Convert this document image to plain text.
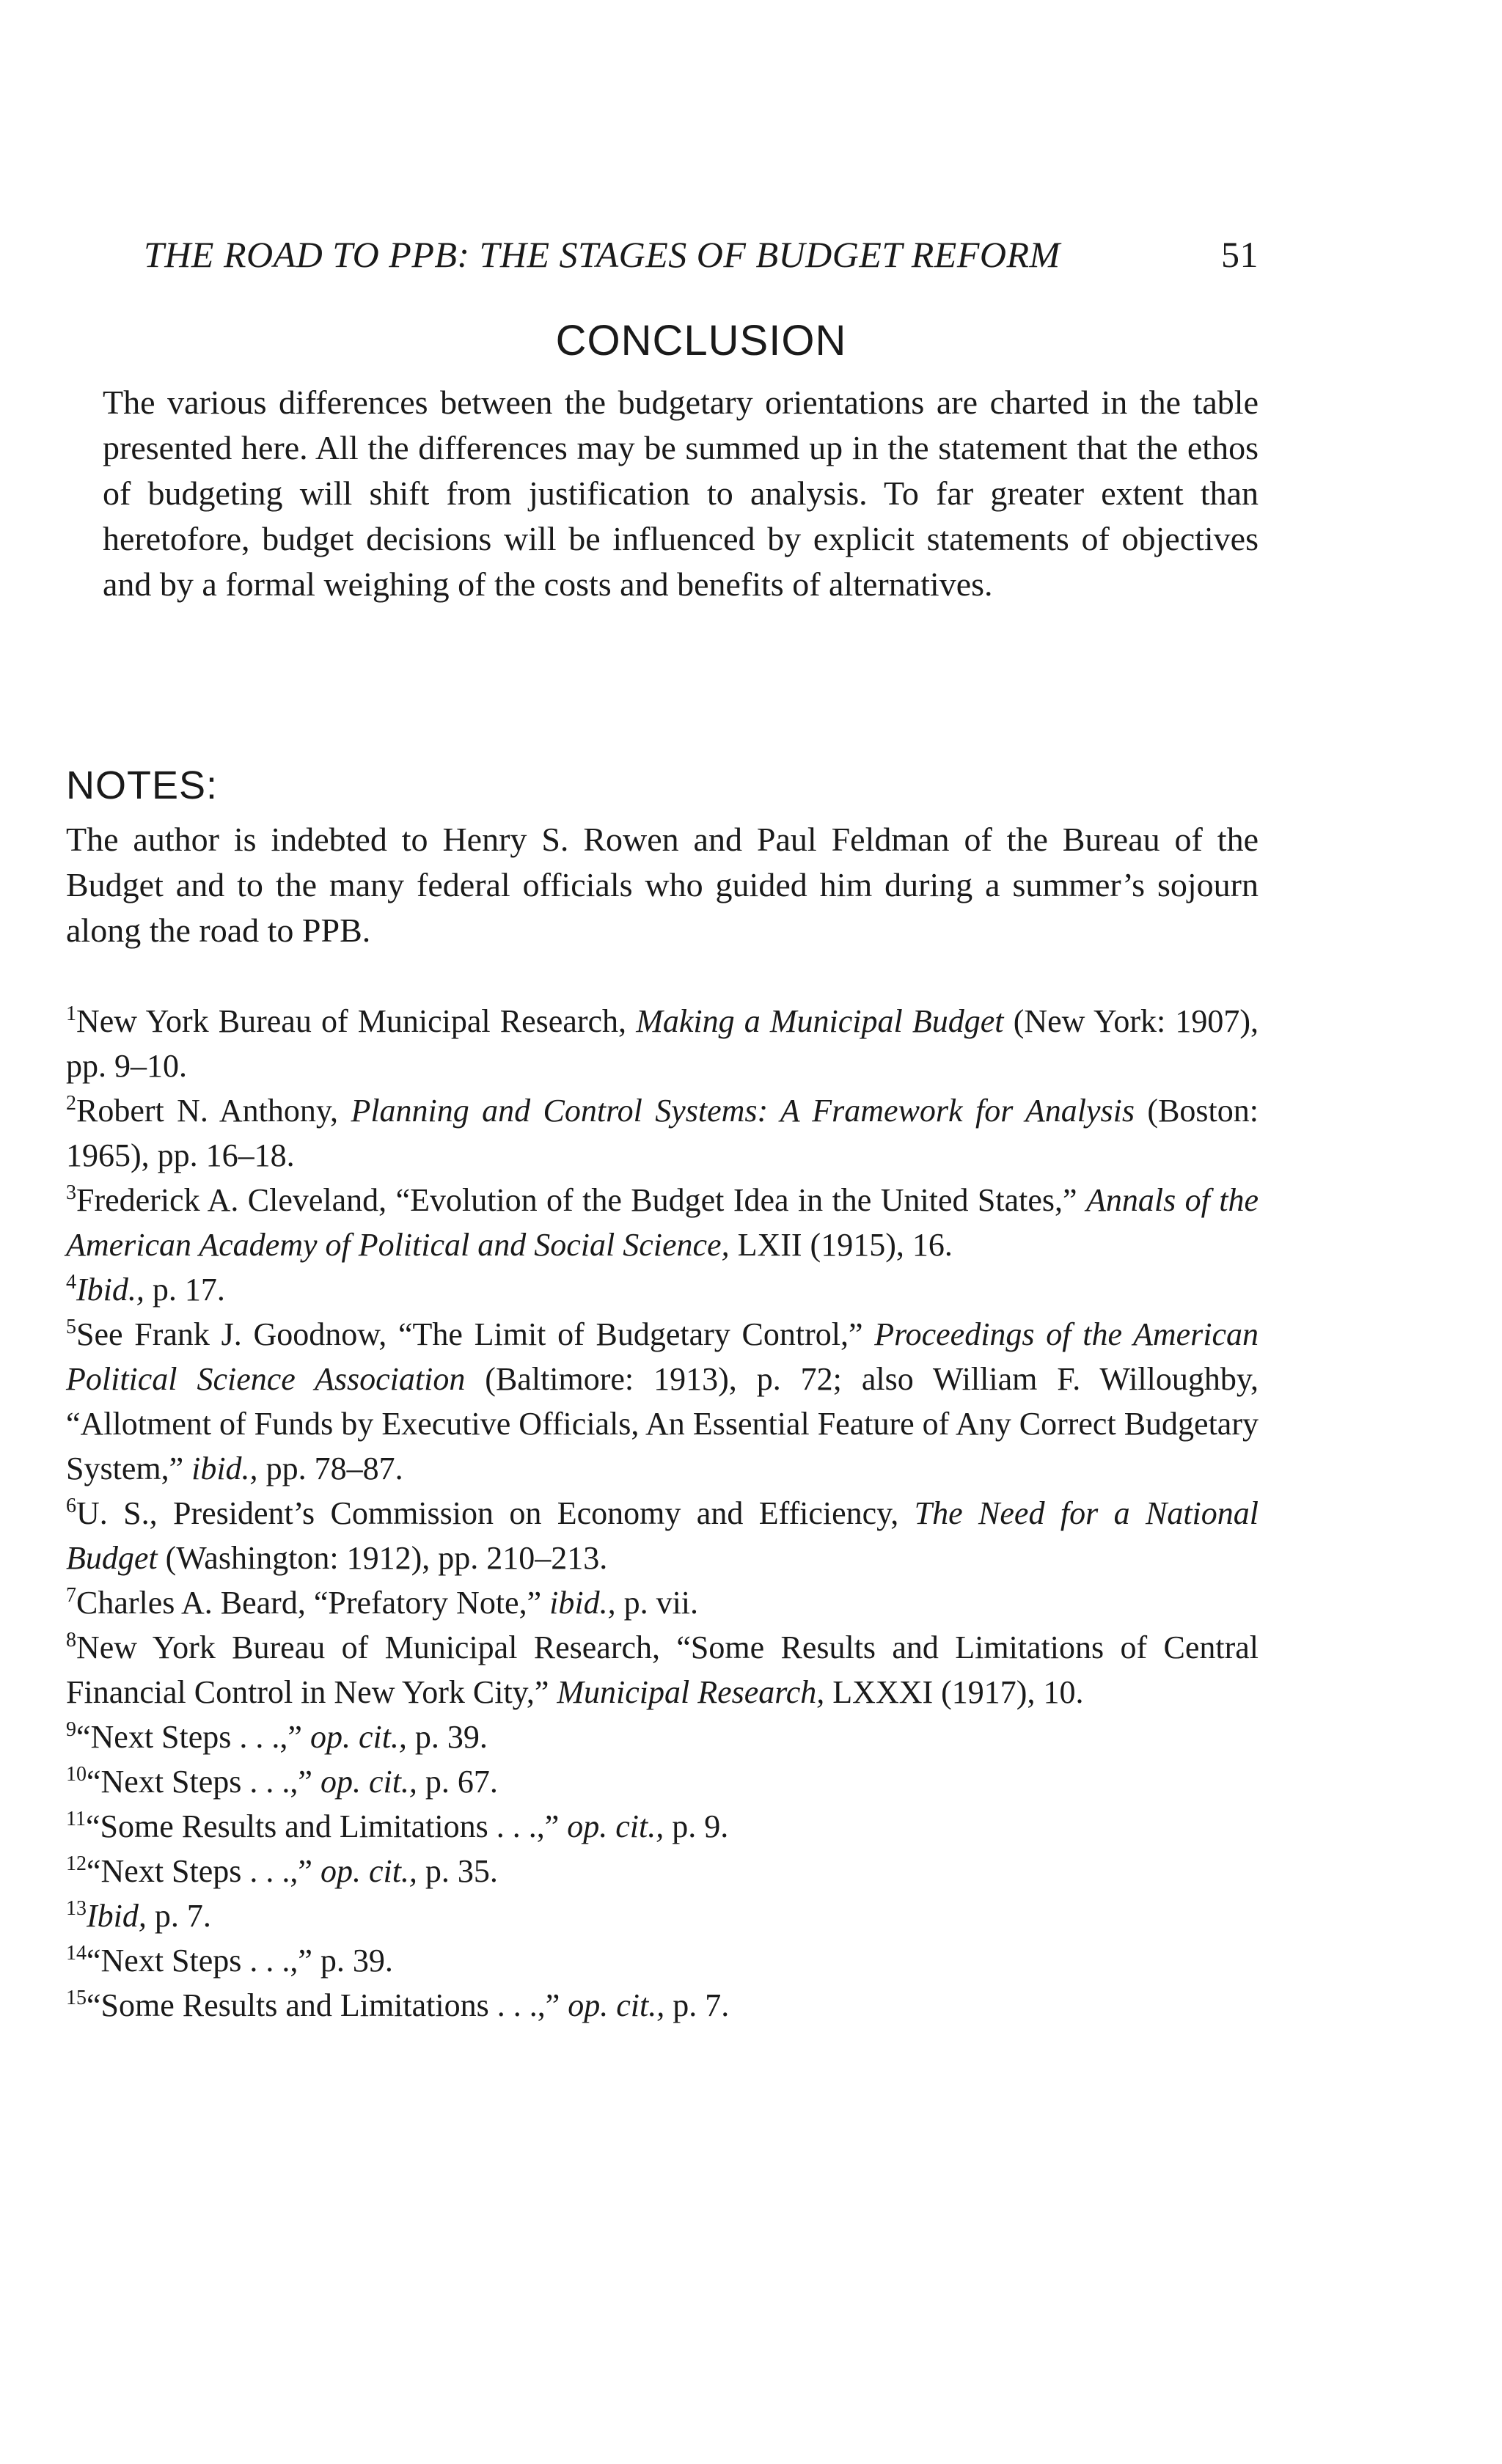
THE ROAD TO PPB: THE STAGES OF BUDGET REFORM	51
CONCLUSION

The various differences between the budgetary orientations are charted in the table presented here. All the differences may be summed up in the statement that the ethos of budgeting will shift from justification to analysis. To far greater extent than heretofore, budget decisions will be influenced by explicit statements of objectives and by a formal weighing of the costs and benefits of alternatives.

NOTES:

The author is indebted to Henry S. Rowen and Paul Feldman of the Bureau of the Budget and to the many federal officials who guided him during a summer’s sojourn along the road to PPB.

$^1$New York Bureau of Municipal Research, Making a Municipal Budget (New York: 1907), pp. 9–10.

$^2$Robert N. Anthony, Planning and Control Systems: A Framework for Analysis (Boston: 1965), pp. 16–18.

$^3$Frederick A. Cleveland, “Evolution of the Budget Idea in the United States,” Annals of the American Academy of Political and Social Science, LXII (1915), 16.

$^4$Ibid., p. 17.

$^5$See Frank J. Goodnow, “The Limit of Budgetary Control,” Proceedings of the American Political Science Association (Baltimore: 1913), p. 72; also William F. Willoughby, “Allotment of Funds by Executive Officials, An Essential Feature of Any Correct Budgetary System,” ibid., pp. 78–87.

$^6$U. S., President’s Commission on Economy and Efficiency, The Need for a National Budget (Washington: 1912), pp. 210–213.

$^7$Charles A. Beard, “Prefatory Note,” ibid., p. vii.

$^8$New York Bureau of Municipal Research, “Some Results and Limitations of Central Financial Control in New York City,” Municipal Research, LXXXI (1917), 10.

$^9$“Next Steps . . .,” op. cit., p. 39.

$^{10}$“Next Steps . . .,” op. cit., p. 67.

$^{11}$“Some Results and Limitations . . .,” op. cit., p. 9.

$^{12}$“Next Steps . . .,” op. cit., p. 35.

$^{13}$Ibid, p. 7.

$^{14}$“Next Steps . . .,” p. 39.

$^{15}$“Some Results and Limitations . . .,” op. cit., p. 7.
